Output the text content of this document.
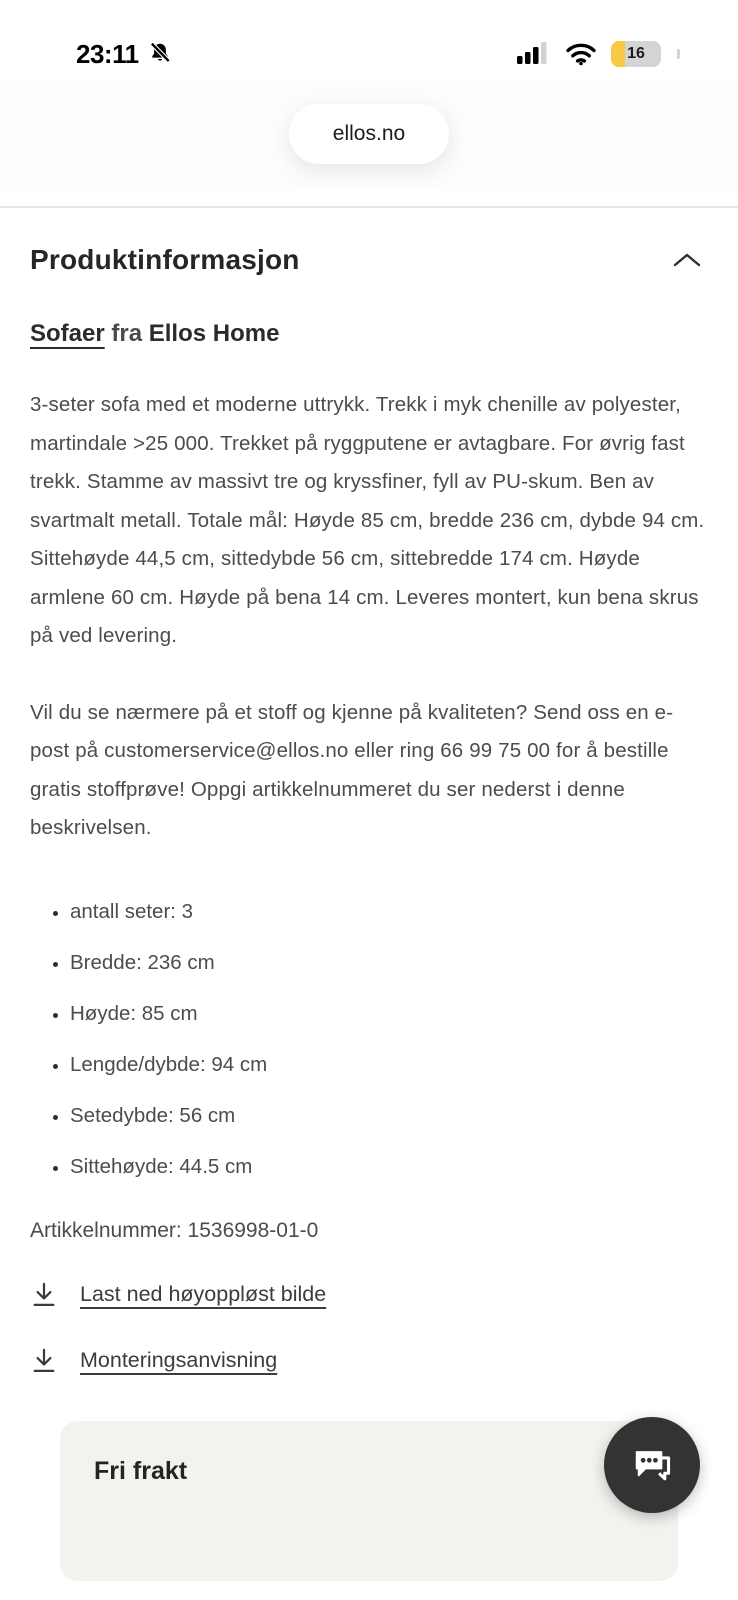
23:11	16
ellos.no
Produktinformasjon
Sofaer fra Ellos Home

3-seter sofa med et moderne uttrykk. Trekk i myk chenille av polyester, martindale >25 000. Trekket på ryggputene er avtagbare. For øvrig fast trekk. Stamme av massivt tre og kryssfiner, fyll av PU-skum. Ben av svartmalt metall. Totale mål: Høyde 85 cm, bredde 236 cm, dybde 94 cm. Sittehøyde 44,5 cm, sittedybde 56 cm, sittebredde 174 cm. Høyde armlene 60 cm. Høyde på bena 14 cm. Leveres montert, kun bena skrus på ved levering.

Vil du se nærmere på et stoff og kjenne på kvaliteten? Send oss en e-post på customerservice@ellos.no eller ring 66 99 75 00 for å bestille gratis stoffprøve! Oppgi artikkelnummeret du ser nederst i denne beskrivelsen.

• antall seter: 3
• Bredde: 236 cm
• Høyde: 85 cm
• Lengde/dybde: 94 cm
• Setedybde: 56 cm
• Sittehøyde: 44.5 cm

Artikkelnummer: 1536998-01-0

Last ned høyoppløst bilde
Monteringsanvisning
Fri frakt
